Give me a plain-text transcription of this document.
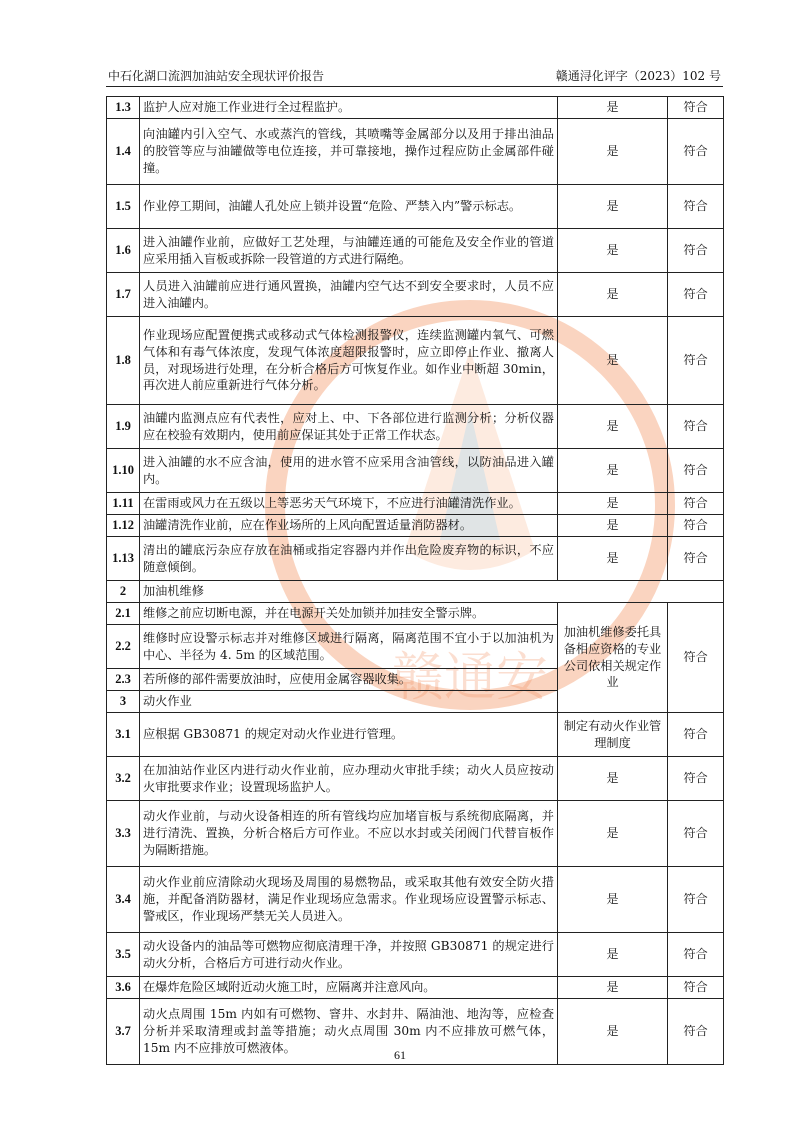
中石化湖口流泗加油站安全现状评价报告	赣通浔化评字（2023）102 号
赣通安
1.3	监护人应对施工作业进行全过程监护。	是	符合
1.4	向油罐内引入空气、水或蒸汽的管线，其喷嘴等金属部分以及用于排出油品的胶管等应与油罐做等电位连接，并可靠接地，操作过程应防止金属部件碰撞。	是	符合
1.5	作业停工期间，油罐人孔处应上锁并设置“危险、严禁入内”警示标志。	是	符合
1.6	进入油罐作业前，应做好工艺处理，与油罐连通的可能危及安全作业的管道应采用插入盲板或拆除一段管道的方式进行隔绝。	是	符合
1.7	人员进入油罐前应进行通风置换，油罐内空气达不到安全要求时，人员不应进入油罐内。	是	符合
1.8	作业现场应配置便携式或移动式气体检测报警仪，连续监测罐内氧气、可燃气体和有毒气体浓度，发现气体浓度超限报警时，应立即停止作业、撤离人员，对现场进行处理，在分析合格后方可恢复作业。如作业中断超 30min，再次进人前应重新进行气体分析。	是	符合
1.9	油罐内监测点应有代表性，应对上、中、下各部位进行监测分析；分析仪器应在校验有效期内，使用前应保证其处于正常工作状态。	是	符合
1.10	进入油罐的水不应含油，使用的进水管不应采用含油管线，以防油品进入罐内。	是	符合
1.11	在雷雨或风力在五级以上等恶劣天气环境下，不应进行油罐清洗作业。	是	符合
1.12	油罐清洗作业前，应在作业场所的上风向配置适量消防器材。	是	符合
1.13	清出的罐底污杂应存放在油桶或指定容器内并作出危险废弃物的标识，不应随意倾倒。	是	符合
2	加油机维修		
2.1	维修之前应切断电源，并在电源开关处加锁并加挂安全警示牌。	加油机维修委托具备相应资格的专业公司依相关规定作业	符合
2.2	维修时应设警示标志并对维修区域进行隔离，隔离范围不宜小于以加油机为中心、半径为 4. 5m 的区域范围。		
2.3	若所修的部件需要放油时，应使用金属容器收集。		
3	动火作业		
3.1	应根据 GB30871 的规定对动火作业进行管理。	制定有动火作业管理制度	符合
3.2	在加油站作业区内进行动火作业前，应办理动火审批手续；动火人员应按动火审批要求作业；设置现场监护人。	是	符合
3.3	动火作业前，与动火设备相连的所有管线均应加堵盲板与系统彻底隔离，并进行清洗、置换，分析合格后方可作业。不应以水封或关闭阀门代替盲板作为隔断措施。	是	符合
3.4	动火作业前应清除动火现场及周围的易燃物品，或采取其他有效安全防火措施，并配备消防器材，满足作业现场应急需求。作业现场应设置警示标志、警戒区，作业现场严禁无关人员进入。	是	符合
3.5	动火设备内的油品等可燃物应彻底清理干净，并按照 GB30871 的规定进行动火分析，合格后方可进行动火作业。	是	符合
3.6	在爆炸危险区域附近动火施工时，应隔离并注意风向。	是	符合
3.7	动火点周围 15m 内如有可燃物、窨井、水封井、隔油池、地沟等，应检查分析并采取清理或封盖等措施；动火点周围 30m 内不应排放可燃气体，15m 内不应排放可燃液体。	是	符合
61
